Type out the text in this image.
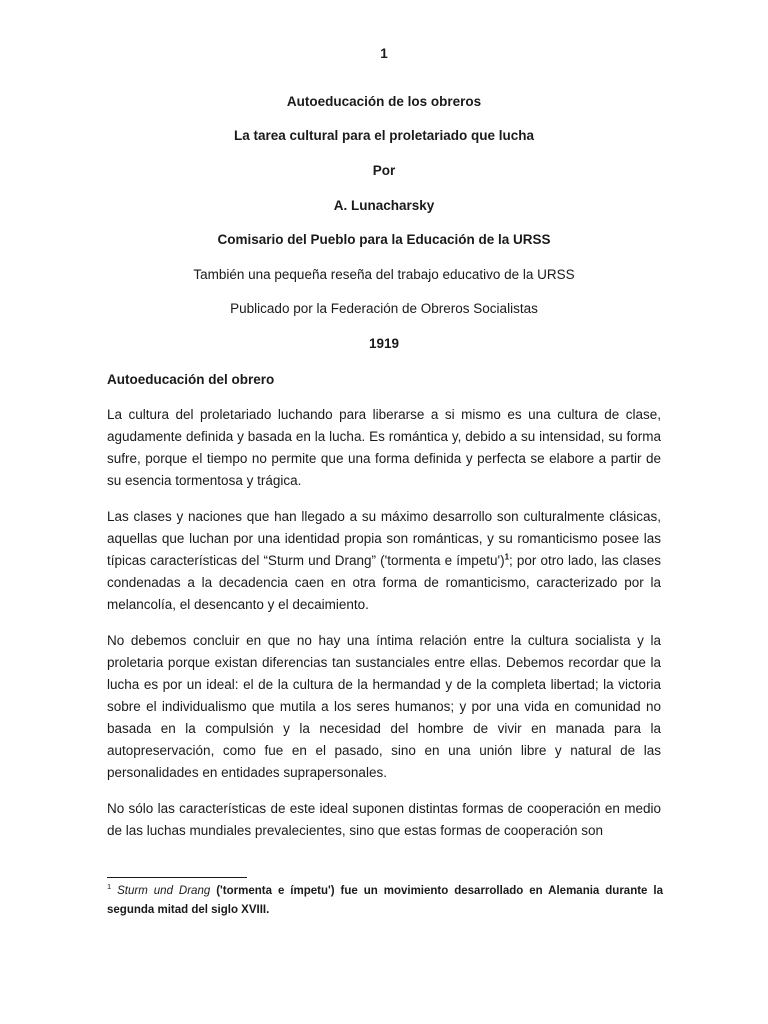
1
Autoeducación de los obreros
La tarea cultural para el proletariado que lucha
Por
A. Lunacharsky
Comisario del Pueblo para la Educación de la URSS
También una pequeña reseña del trabajo educativo de la URSS
Publicado por la Federación de Obreros Socialistas
1919
Autoeducación del obrero

La cultura del proletariado luchando para liberarse a si mismo es una cultura de clase, agudamente definida y basada en la lucha. Es romántica y, debido a su intensidad, su forma sufre, porque el tiempo no permite que una forma definida y perfecta se elabore a partir de su esencia tormentosa y trágica.

Las clases y naciones que han llegado a su máximo desarrollo son culturalmente clásicas, aquellas que luchan por una identidad propia son románticas, y su romanticismo posee las típicas características del “Sturm und Drang” ('tormenta e ímpetu')$^1$; por otro lado, las clases condenadas a la decadencia caen en otra forma de romanticismo, caracterizado por la melancolía, el desencanto y el decaimiento.

No debemos concluir en que no hay una íntima relación entre la cultura socialista y la proletaria porque existan diferencias tan sustanciales entre ellas. Debemos recordar que la lucha es por un ideal: el de la cultura de la hermandad y de la completa libertad; la victoria sobre el individualismo que mutila a los seres humanos; y por una vida en comunidad no basada en la compulsión y la necesidad del hombre de vivir en manada para la autopreservación, como fue en el pasado, sino en una unión libre y natural de las personalidades en entidades suprapersonales.

No sólo las características de este ideal suponen distintas formas de cooperación en medio de las luchas mundiales prevalecientes, sino que estas formas de cooperación son

$^1$ Sturm und Drang ('tormenta e ímpetu') fue un movimiento desarrollado en Alemania durante la segunda mitad del siglo XVIII.
